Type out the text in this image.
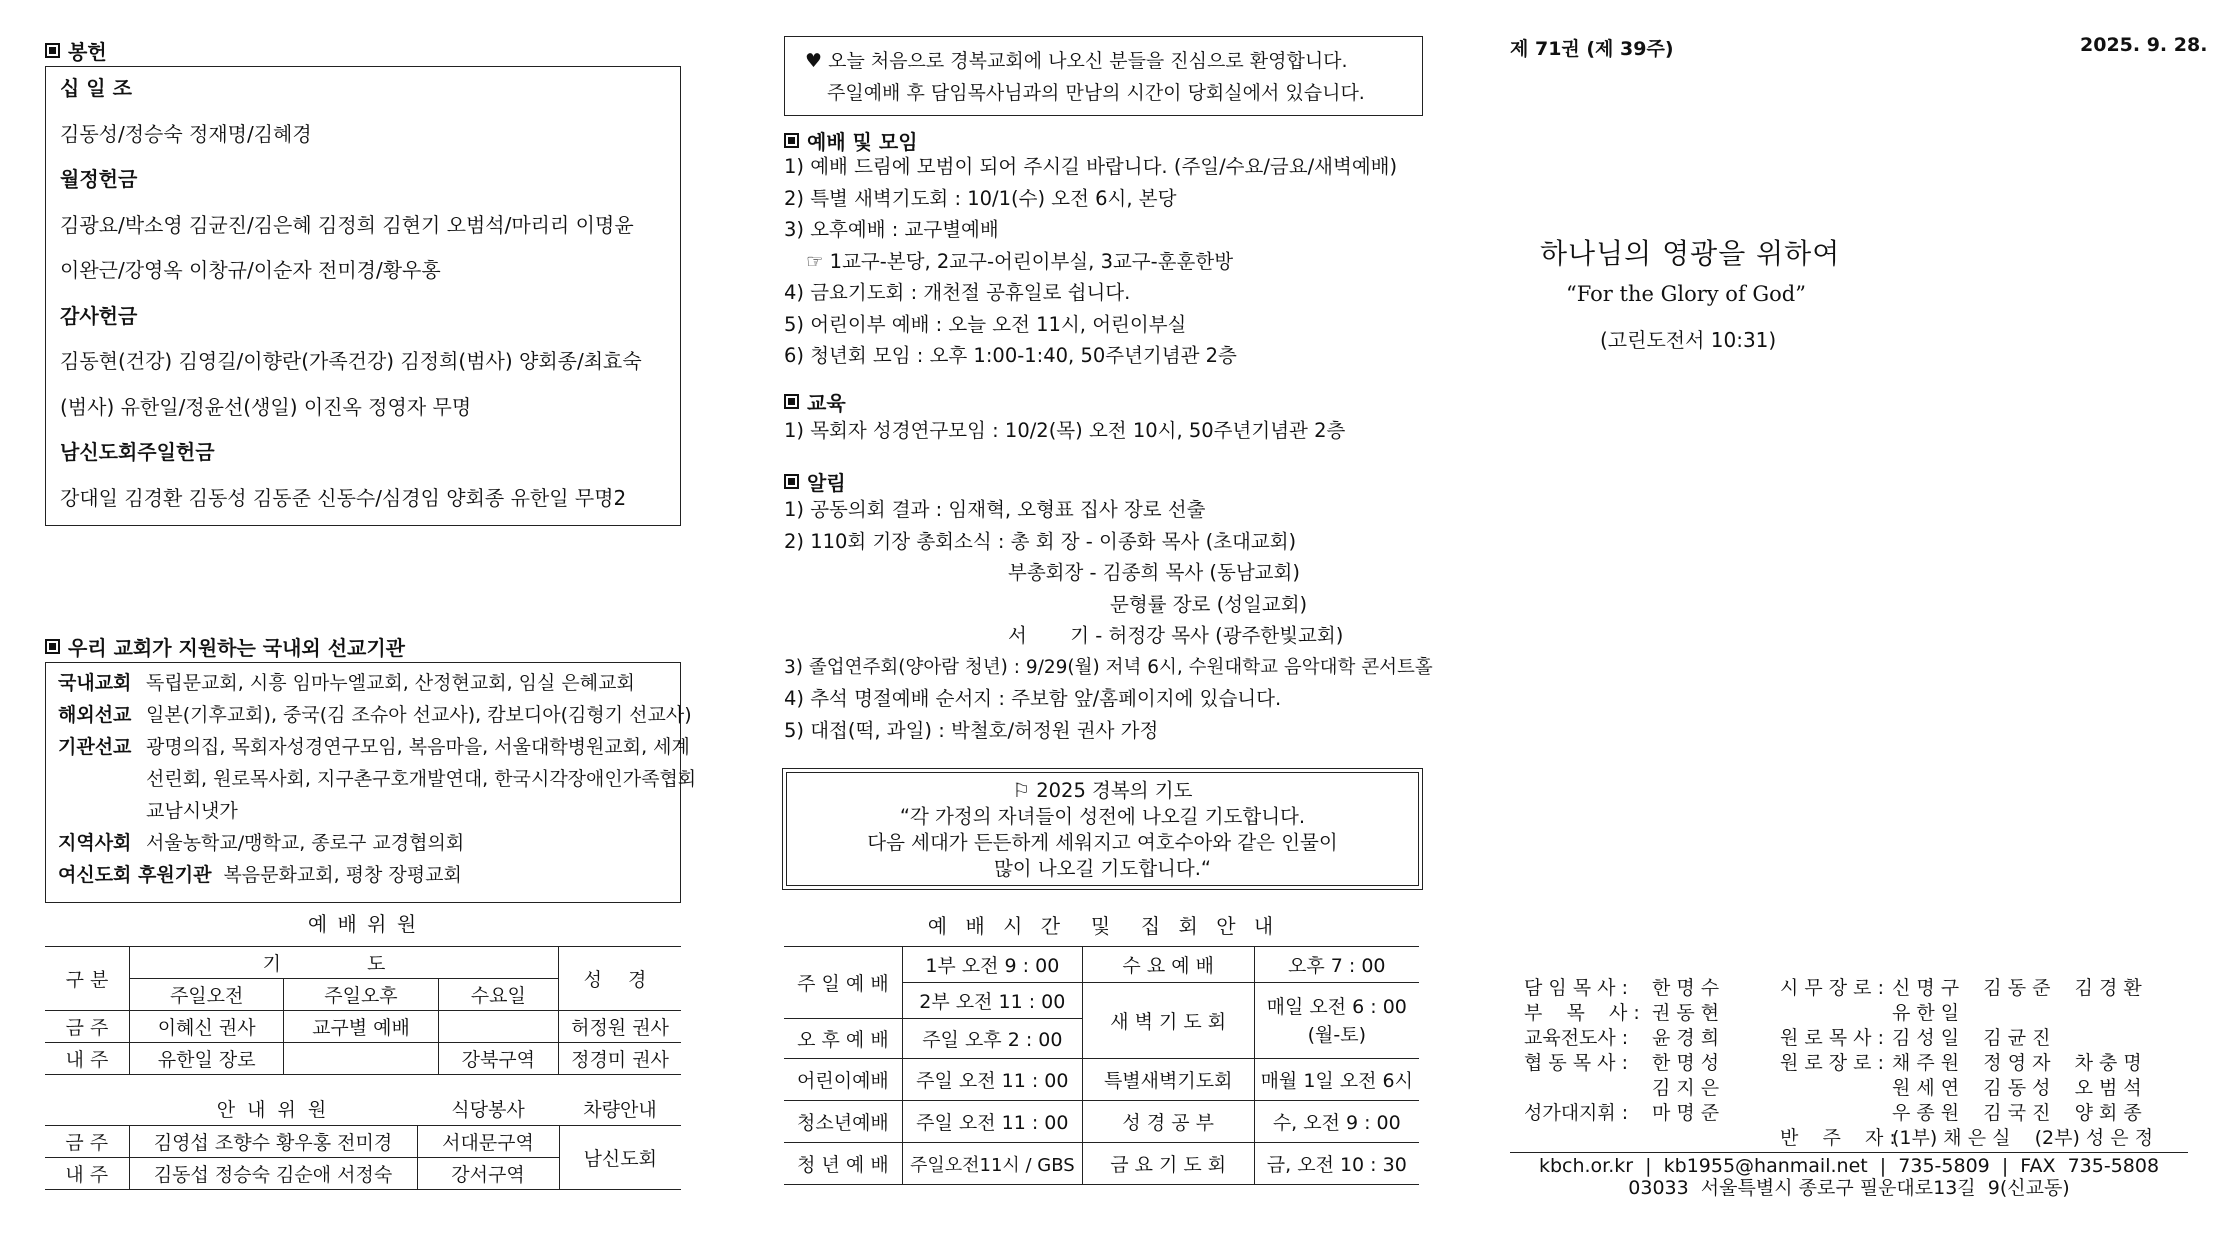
봉헌
십 일 조
김동성/정승숙 정재명/김혜경
월정헌금
김광요/박소영 김균진/김은혜 김정희 김현기 오범석/마리리 이명윤
이완근/강영옥 이창규/이순자 전미경/황우홍
감사헌금
김동현(건강) 김영길/이향란(가족건강) 김정희(범사) 양회종/최효숙
(범사) 유한일/정윤선(생일) 이진옥 정영자 무명
남신도회주일헌금
강대일 김경환 김동성 김동준 신동수/심경임 양회종 유한일 무명2
우리 교회가 지원하는 국내외 선교기관
국내교회 독립문교회, 시흥 임마누엘교회, 산정현교회, 임실 은혜교회
해외선교 일본(기후교회), 중국(김 조슈아 선교사), 캄보디아(김형기 선교사)
기관선교 광명의집, 목회자성경연구모임, 복음마을, 서울대학병원교회, 세계
선린회, 원로목사회, 지구촌구호개발연대, 한국시각장애인가족협회
교남시냇가
지역사회 서울농학교/맹학교, 종로구 교경협의회
여신도회 후원기관 복음문화교회, 평창 장평교회
예 배 위 원
구 분	기 도			성 경
	주일오전	주일오후	수요일	
금 주	이혜신 권사	교구별 예배		허정원 권사
내 주	유한일 장로		강북구역	정경미 권사
	안 내 위 원	식당봉사	차량안내
금 주	김영섭 조향수 황우홍 전미경	서대문구역	남신도회
내 주	김동섭 정승숙 김순애 서정숙	강서구역	
♥ 오늘 처음으로 경복교회에 나오신 분들을 진심으로 환영합니다.
주일예배 후 담임목사님과의 만남의 시간이 당회실에서 있습니다.
예배 및 모임
1) 예배 드림에 모범이 되어 주시길 바랍니다. (주일/수요/금요/새벽예배)
2) 특별 새벽기도회 : 10/1(수) 오전 6시, 본당
3) 오후예배 : 교구별예배
☞ 1교구-본당, 2교구-어린이부실, 3교구-훈훈한방
4) 금요기도회 : 개천절 공휴일로 쉽니다.
5) 어린이부 예배 : 오늘 오전 11시, 어린이부실
6) 청년회 모임 : 오후 1:00-1:40, 50주년기념관 2층
교육
1) 목회자 성경연구모임 : 10/2(목) 오전 10시, 50주년기념관 2층
알림
1) 공동의회 결과 : 임재혁, 오형표 집사 장로 선출
2) 110회 기장 총회소식 : 총 회 장 - 이종화 목사 (초대교회)
부총회장 - 김종희 목사 (동남교회)
문형률 장로 (성일교회)
서       기 - 허정강 목사 (광주한빛교회)
3) 졸업연주회(양아람 청년) : 9/29(월) 저녁 6시, 수원대학교 음악대학 콘서트홀
4) 추석 명절예배 순서지 : 주보함 앞/홈페이지에 있습니다.
5) 대접(떡, 과일) : 박철호/허정원 권사 가정
⚐ 2025 경복의 기도
“각 가정의 자녀들이 성전에 나오길 기도합니다.
다음 세대가 든든하게 세워지고 여호수아와 같은 인물이
많이 나오길 기도합니다.“
예 배 시 간  및  집 회 안 내
주 일 예 배	1부 오전 9 : 00	수 요 예 배	오후 7 : 00
	2부 오전 11 : 00	새 벽 기 도 회	매일 오전 6 : 00
(월-토)

오 후 예 배	주일 오후 2 : 00		
어린이예배	주일 오전 11 : 00	특별새벽기도회	매월 1일 오전 6시
청소년예배	주일 오전 11 : 00	성 경 공 부	수, 오전 9 : 00
청 년 예 배	주일오전11시 / GBS	금 요 기 도 회	금, 오전 10 : 30
제 71권 (제 39주)	2025. 9. 28.
하나님의 영광을 위하여
“For the Glory of God”
(고린도전서 10:31)
담 임 목 사 : 한 명 수
부    목    사 : 권 동 현
교육전도사 : 윤 경 희
협 동 목 사 : 한 명 성
김 지 은
성가대지휘 : 마 명 준
시 무 장 로 : 신 명 구    김 동 준    김 경 환
유 한 일
원 로 목 사 : 김 성 일    김 균 진
원 로 장 로 : 채 주 원    정 영 자    차 충 명
원 세 연    김 동 성    오 범 석
우 종 원    김 국 진    양 회 종
반    주    자 :(1부) 채 은 실    (2부) 성 은 정
kbch.or.kr  |  kb1955@hanmail.net  |  735-5809  |  FAX  735-5808
03033  서울특별시 종로구 필운대로13길  9(신교동)
